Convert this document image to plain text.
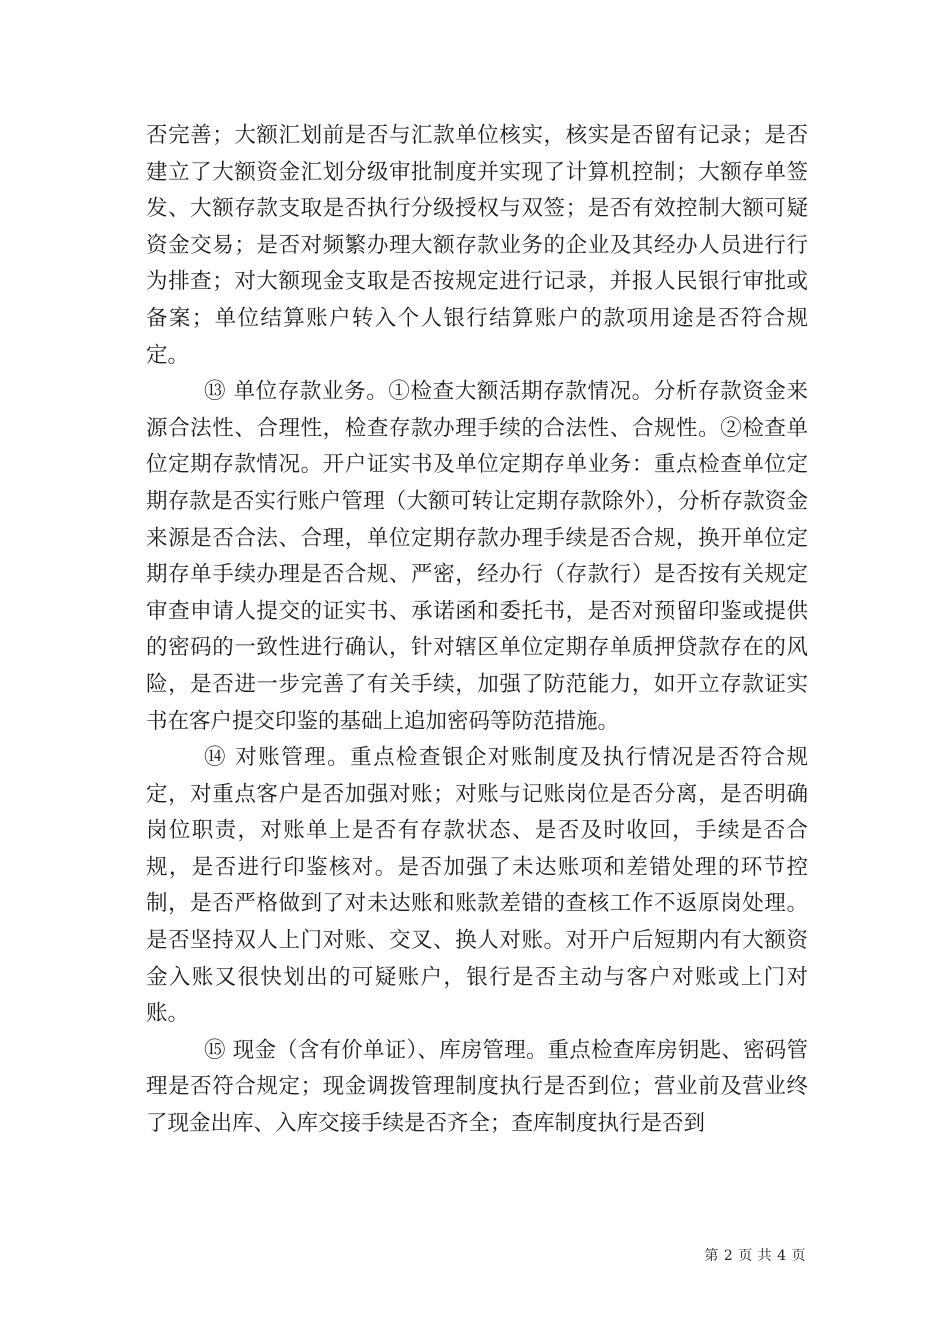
否完善；大额汇划前是否与汇款单位核实，核实是否留有记录；是否建立了大额资金汇划分级审批制度并实现了计算机控制；大额存单签发、大额存款支取是否执行分级授权与双签；是否有效控制大额可疑资金交易；是否对频繁办理大额存款业务的企业及其经办人员进行行为排查；对大额现金支取是否按规定进行记录，并报人民银行审批或备案；单位结算账户转入个人银行结算账户的款项用途是否符合规定。

⑬ 单位存款业务。①检查大额活期存款情况。分析存款资金来源合法性、合理性，检查存款办理手续的合法性、合规性。②检查单位定期存款情况。开户证实书及单位定期存单业务：重点检查单位定期存款是否实行账户管理（大额可转让定期存款除外），分析存款资金来源是否合法、合理，单位定期存款办理手续是否合规，换开单位定期存单手续办理是否合规、严密，经办行（存款行）是否按有关规定审查申请人提交的证实书、承诺函和委托书，是否对预留印鉴或提供的密码的一致性进行确认，针对辖区单位定期存单质押贷款存在的风险，是否进一步完善了有关手续，加强了防范能力，如开立存款证实书在客户提交印鉴的基础上追加密码等防范措施。

⑭ 对账管理。重点检查银企对账制度及执行情况是否符合规定，对重点客户是否加强对账；对账与记账岗位是否分离，是否明确岗位职责，对账单上是否有存款状态、是否及时收回，手续是否合规，是否进行印鉴核对。是否加强了未达账项和差错处理的环节控制，是否严格做到了对未达账和账款差错的查核工作不返原岗处理。是否坚持双人上门对账、交叉、换人对账。对开户后短期内有大额资金入账又很快划出的可疑账户，银行是否主动与客户对账或上门对账。

⑮ 现金（含有价单证）、库房管理。重点检查库房钥匙、密码管理是否符合规定；现金调拨管理制度执行是否到位；营业前及营业终了现金出库、入库交接手续是否齐全；查库制度执行是否到

第 2 页 共 4 页
